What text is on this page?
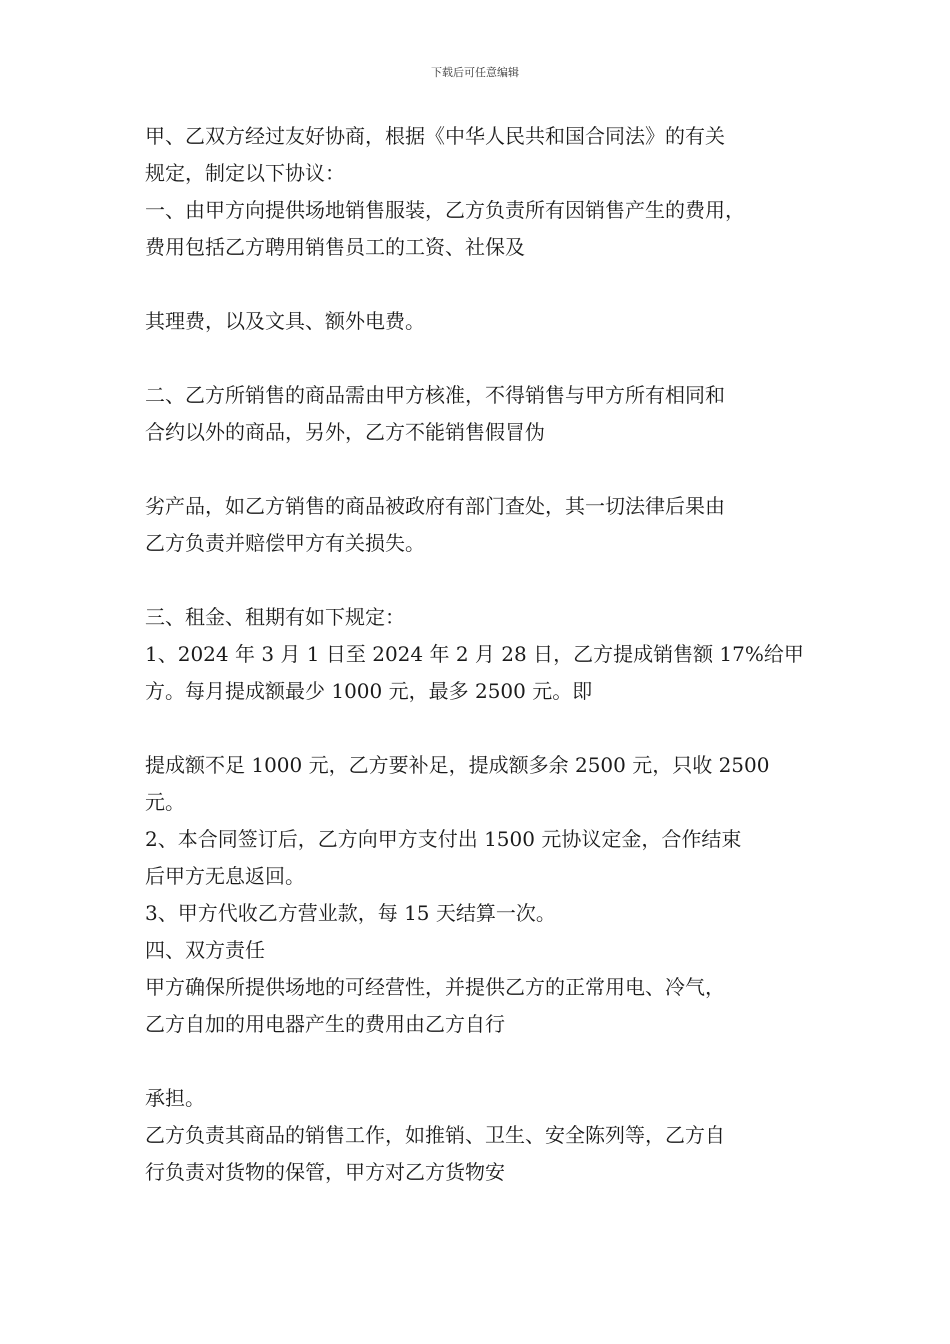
下载后可任意编辑
甲、乙双方经过友好协商，根据《中华人民共和国合同法》的有关
规定，制定以下协议：
一、由甲方向提供场地销售服装，乙方负责所有因销售产生的费用，
费用包括乙方聘用销售员工的工资、社保及
其理费，以及文具、额外电费。
二、乙方所销售的商品需由甲方核准，不得销售与甲方所有相同和
合约以外的商品，另外，乙方不能销售假冒伪
劣产品，如乙方销售的商品被政府有部门查处，其一切法律后果由
乙方负责并赔偿甲方有关损失。
三、租金、租期有如下规定：
1、2024 年 3 月 1 日至 2024 年 2 月 28 日，乙方提成销售额 17%给甲
方。每月提成额最少 1000 元，最多 2500 元。即
提成额不足 1000 元，乙方要补足，提成额多余 2500 元，只收 2500
元。
2、本合同签订后，乙方向甲方支付出 1500 元协议定金，合作结束
后甲方无息返回。
3、甲方代收乙方营业款，每 15 天结算一次。
四、双方责任
甲方确保所提供场地的可经营性，并提供乙方的正常用电、冷气，
乙方自加的用电器产生的费用由乙方自行
承担。
乙方负责其商品的销售工作，如推销、卫生、安全陈列等，乙方自
行负责对货物的保管，甲方对乙方货物安
